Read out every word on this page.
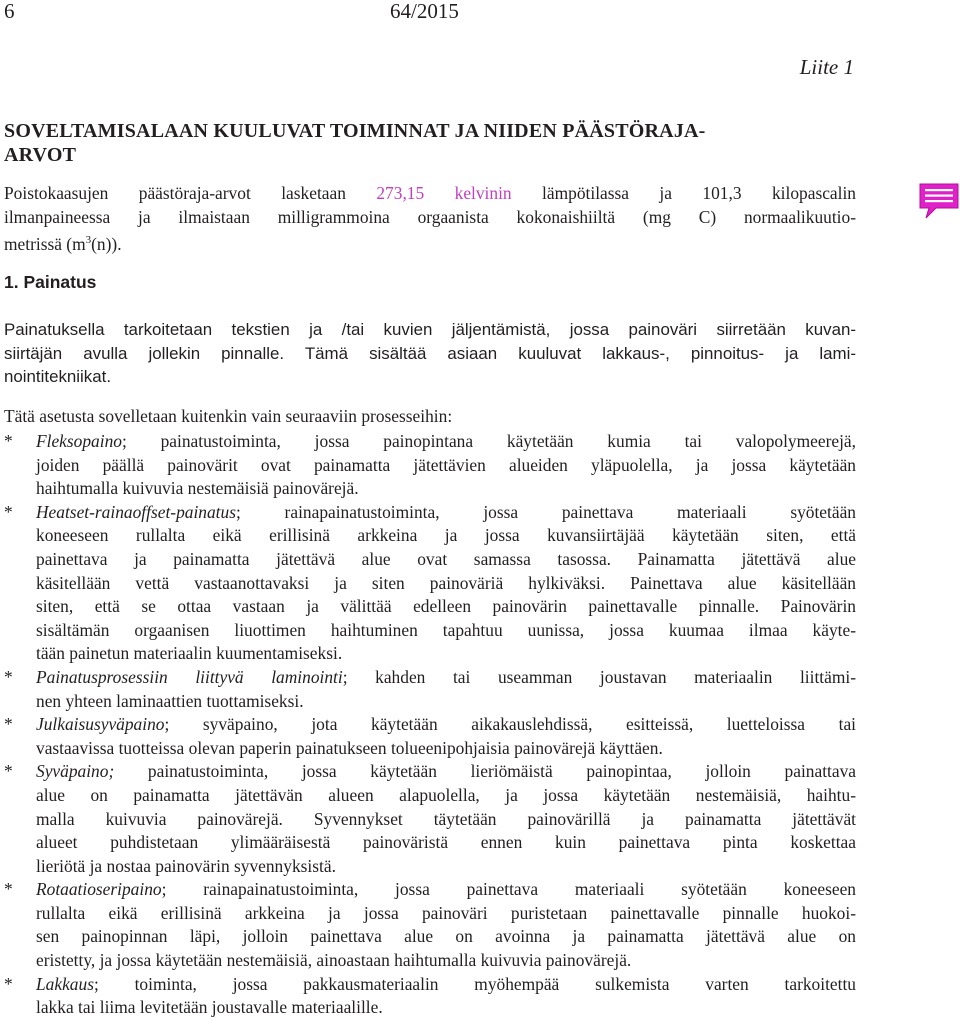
6	64/2015
Liite 1
SOVELTAMISALAAN KUULUVAT TOIMINNAT JA NIIDEN PÄÄSTÖRAJA-
ARVOT
Poistokaasujen päästöraja-arvot lasketaan 273,15 kelvinin lämpötilassa ja 101,3 kilopascalin
ilmanpaineessa ja ilmaistaan milligrammoina orgaanista kokonaishiiltä (mg C) normaalikuutio-
metrissä $(m^3(n))$.
1. Painatus
Painatuksella tarkoitetaan tekstien ja /tai kuvien jäljentämistä, jossa painoväri siirretään kuvan-
siirtäjän avulla jollekin pinnalle. Tämä sisältää asiaan kuuluvat lakkaus-, pinnoitus- ja lami-
nointitekniikat.
Tätä asetusta sovelletaan kuitenkin vain seuraaviin prosesseihin:
* Fleksopaino; painatustoiminta, jossa painopintana käytetään kumia tai valopolymeerejä,
joiden päällä painovärit ovat painamatta jätettävien alueiden yläpuolella, ja jossa käytetään
haihtumalla kuivuvia nestemäisiä painovärejä.
* Heatset-rainaoffset-painatus; rainapainatustoiminta, jossa painettava materiaali syötetään
koneeseen rullalta eikä erillisinä arkkeina ja jossa kuvansiirtäjää käytetään siten, että
painettava ja painamatta jätettävä alue ovat samassa tasossa. Painamatta jätettävä alue
käsitellään vettä vastaanottavaksi ja siten painoväriä hylkiväksi. Painettava alue käsitellään
siten, että se ottaa vastaan ja välittää edelleen painovärin painettavalle pinnalle. Painovärin
sisältämän orgaanisen liuottimen haihtuminen tapahtuu uunissa, jossa kuumaa ilmaa käyte-
tään painetun materiaalin kuumentamiseksi.
* Painatusprosessiin liittyvä laminointi; kahden tai useamman joustavan materiaalin liittämi-
nen yhteen laminaattien tuottamiseksi.
* Julkaisusyväpaino; syväpaino, jota käytetään aikakauslehdissä, esitteissä, luetteloissa tai
vastaavissa tuotteissa olevan paperin painatukseen tolueenipohjaisia painovärejä käyttäen.
* Syväpaino; painatustoiminta, jossa käytetään lieriömäistä painopintaa, jolloin painattava
alue on painamatta jätettävän alueen alapuolella, ja jossa käytetään nestemäisiä, haihtu-
malla kuivuvia painovärejä. Syvennykset täytetään painovärillä ja painamatta jätettävät
alueet puhdistetaan ylimääräisestä painoväristä ennen kuin painettava pinta koskettaa
lieriötä ja nostaa painovärin syvennyksistä.
* Rotaatioseripaino; rainapainatustoiminta, jossa painettava materiaali syötetään koneeseen
rullalta eikä erillisinä arkkeina ja jossa painoväri puristetaan painettavalle pinnalle huokoi-
sen painopinnan läpi, jolloin painettava alue on avoinna ja painamatta jätettävä alue on
eristetty, ja jossa käytetään nestemäisiä, ainoastaan haihtumalla kuivuvia painovärejä.
* Lakkaus; toiminta, jossa pakkausmateriaalin myöhempää sulkemista varten tarkoitettu
lakka tai liima levitetään joustavalle materiaalille.
